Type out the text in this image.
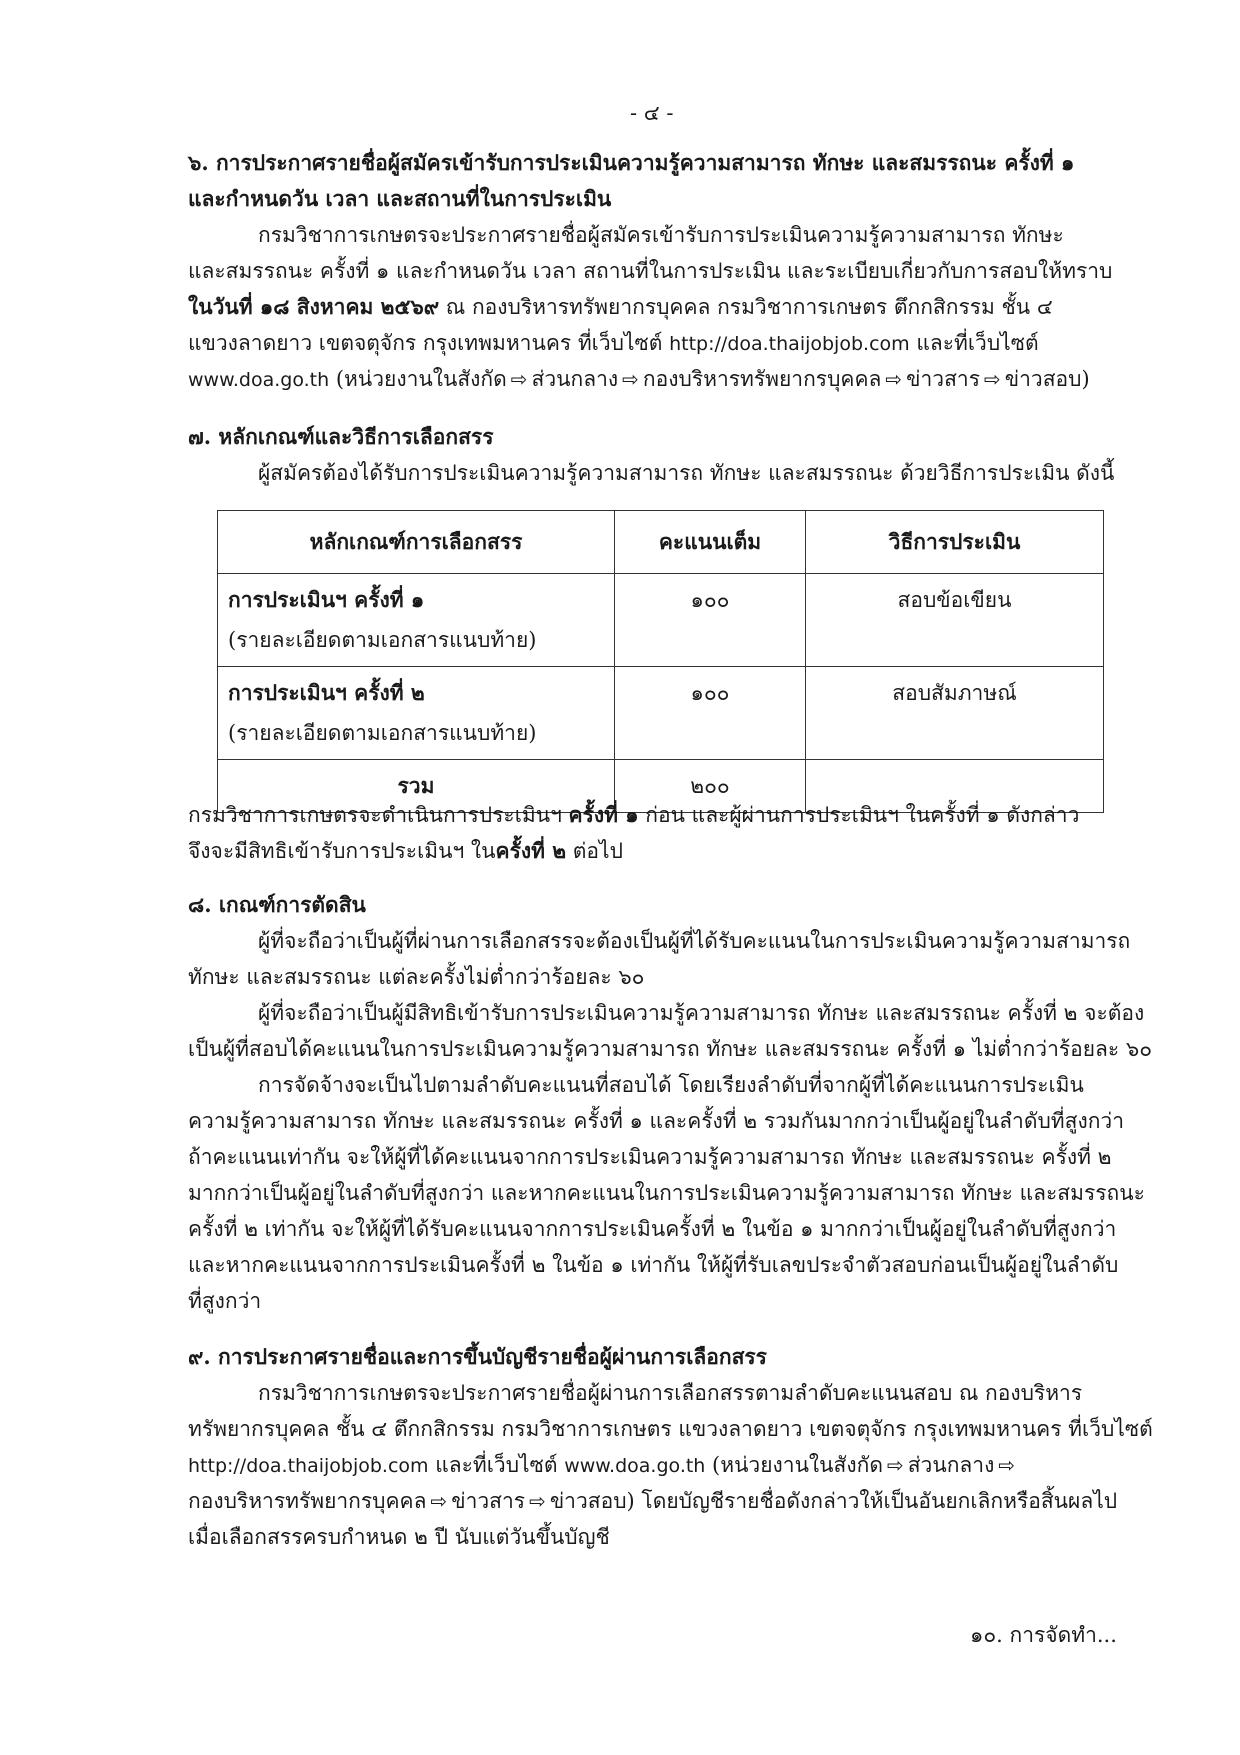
- ๔ -
๖. การประกาศรายชื่อผู้สมัครเข้ารับการประเมินความรู้ความสามารถ ทักษะ และสมรรถนะ ครั้งที่ ๑
และกำหนดวัน เวลา และสถานที่ในการประเมิน
กรมวิชาการเกษตรจะประกาศรายชื่อผู้สมัครเข้ารับการประเมินความรู้ความสามารถ ทักษะ
และสมรรถนะ ครั้งที่ ๑ และกำหนดวัน เวลา สถานที่ในการประเมิน และระเบียบเกี่ยวกับการสอบให้ทราบ
ในวันที่ ๑๘ สิงหาคม ๒๕๖๙ ณ กองบริหารทรัพยากรบุคคล กรมวิชาการเกษตร ตึกกสิกรรม ชั้น ๔
แขวงลาดยาว เขตจตุจักร กรุงเทพมหานคร ที่เว็บไซต์ http://doa.thaijobjob.com และที่เว็บไซต์
www.doa.go.th (หน่วยงานในสังกัด ⇨ ส่วนกลาง ⇨ กองบริหารทรัพยากรบุคคล ⇨ ข่าวสาร ⇨ ข่าวสอบ)
๗. หลักเกณฑ์และวิธีการเลือกสรร
ผู้สมัครต้องได้รับการประเมินความรู้ความสามารถ ทักษะ และสมรรถนะ ด้วยวิธีการประเมิน ดังนี้
หลักเกณฑ์การเลือกสรร	คะแนนเต็ม	วิธีการประเมิน

การประเมินฯ ครั้งที่ ๑
(รายละเอียดตามเอกสารแนบท้าย)	๑๐๐	สอบข้อเขียน

การประเมินฯ ครั้งที่ ๒
(รายละเอียดตามเอกสารแนบท้าย)	๑๐๐	สอบสัมภาษณ์
รวม	๒๐๐	
กรมวิชาการเกษตรจะดำเนินการประเมินฯ ครั้งที่ ๑ ก่อน และผู้ผ่านการประเมินฯ ในครั้งที่ ๑ ดังกล่าว
จึงจะมีสิทธิเข้ารับการประเมินฯ ในครั้งที่ ๒ ต่อไป
๘. เกณฑ์การตัดสิน
ผู้ที่จะถือว่าเป็นผู้ที่ผ่านการเลือกสรรจะต้องเป็นผู้ที่ได้รับคะแนนในการประเมินความรู้ความสามารถ
ทักษะ และสมรรถนะ แต่ละครั้งไม่ต่ำกว่าร้อยละ ๖๐
ผู้ที่จะถือว่าเป็นผู้มีสิทธิเข้ารับการประเมินความรู้ความสามารถ ทักษะ และสมรรถนะ ครั้งที่ ๒ จะต้อง
เป็นผู้ที่สอบได้คะแนนในการประเมินความรู้ความสามารถ ทักษะ และสมรรถนะ ครั้งที่ ๑ ไม่ต่ำกว่าร้อยละ ๖๐
การจัดจ้างจะเป็นไปตามลำดับคะแนนที่สอบได้ โดยเรียงลำดับที่จากผู้ที่ได้คะแนนการประเมิน
ความรู้ความสามารถ ทักษะ และสมรรถนะ ครั้งที่ ๑ และครั้งที่ ๒ รวมกันมากกว่าเป็นผู้อยู่ในลำดับที่สูงกว่า
ถ้าคะแนนเท่ากัน จะให้ผู้ที่ได้คะแนนจากการประเมินความรู้ความสามารถ ทักษะ และสมรรถนะ ครั้งที่ ๒
มากกว่าเป็นผู้อยู่ในลำดับที่สูงกว่า และหากคะแนนในการประเมินความรู้ความสามารถ ทักษะ และสมรรถนะ
ครั้งที่ ๒ เท่ากัน จะให้ผู้ที่ได้รับคะแนนจากการประเมินครั้งที่ ๒ ในข้อ ๑ มากกว่าเป็นผู้อยู่ในลำดับที่สูงกว่า
และหากคะแนนจากการประเมินครั้งที่ ๒ ในข้อ ๑ เท่ากัน ให้ผู้ที่รับเลขประจำตัวสอบก่อนเป็นผู้อยู่ในลำดับ
ที่สูงกว่า
๙. การประกาศรายชื่อและการขึ้นบัญชีรายชื่อผู้ผ่านการเลือกสรร
กรมวิชาการเกษตรจะประกาศรายชื่อผู้ผ่านการเลือกสรรตามลำดับคะแนนสอบ ณ กองบริหาร
ทรัพยากรบุคคล ชั้น ๔ ตึกกสิกรรม กรมวิชาการเกษตร แขวงลาดยาว เขตจตุจักร กรุงเทพมหานคร ที่เว็บไซต์
http://doa.thaijobjob.com และที่เว็บไซต์ www.doa.go.th (หน่วยงานในสังกัด ⇨ ส่วนกลาง ⇨
กองบริหารทรัพยากรบุคคล ⇨ ข่าวสาร ⇨ ข่าวสอบ) โดยบัญชีรายชื่อดังกล่าวให้เป็นอันยกเลิกหรือสิ้นผลไป
เมื่อเลือกสรรครบกำหนด ๒ ปี นับแต่วันขึ้นบัญชี
๑๐. การจัดทำ...
